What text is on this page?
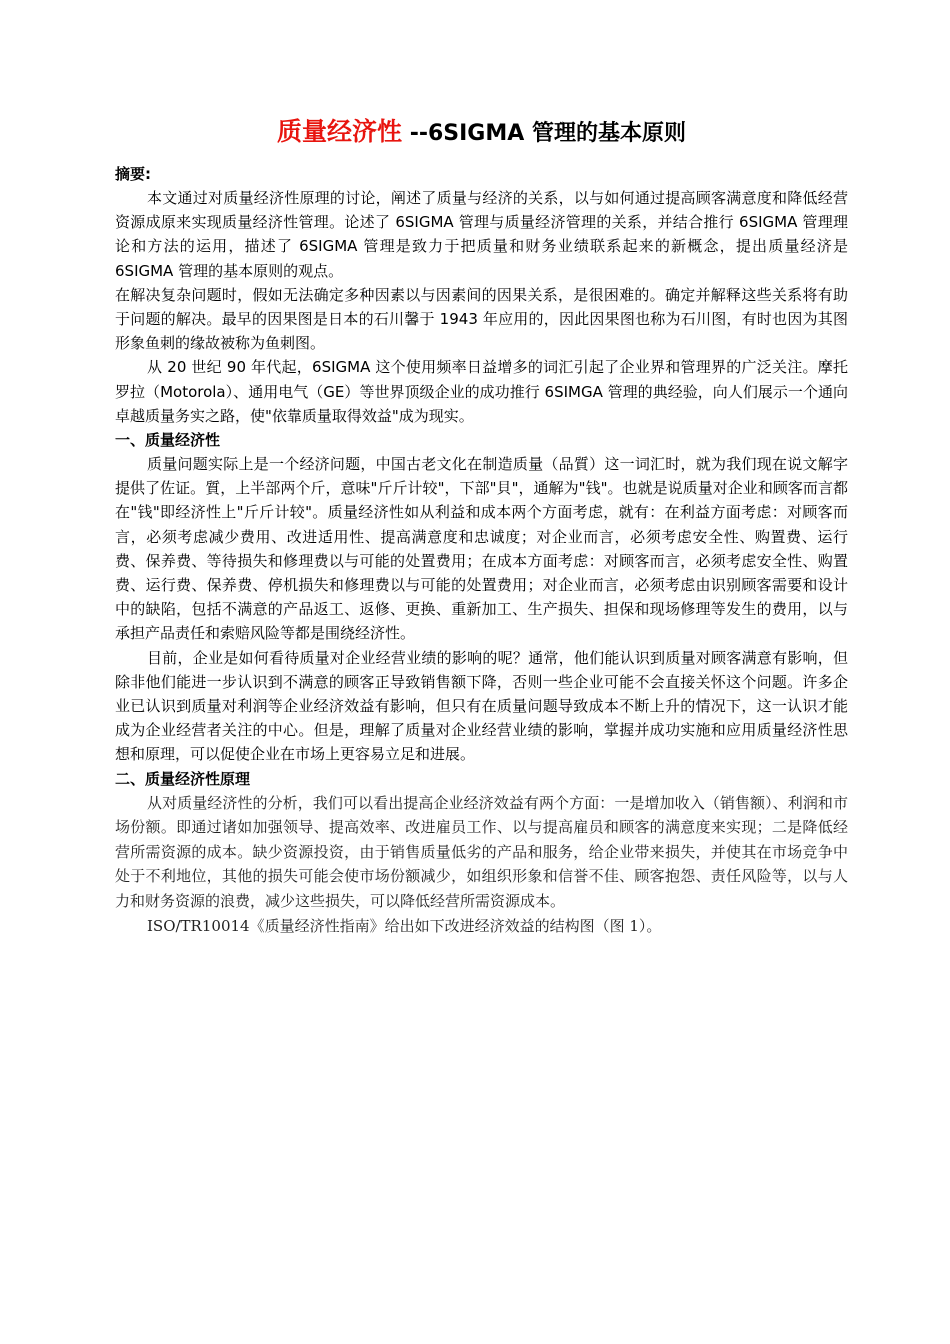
质量经济性 --6SIGMA 管理的基本原则
摘要:

本文通过对质量经济性原理的讨论，阐述了质量与经济的关系，以与如何通过提高顾客满意度和降低经营资源成原来实现质量经济性管理。论述了 6SIGMA 管理与质量经济管理的关系，并结合推行 6SIGMA 管理理论和方法的运用，描述了 6SIGMA 管理是致力于把质量和财务业绩联系起来的新概念，提出质量经济是 6SIGMA 管理的基本原则的观点。

在解决复杂问题时，假如无法确定多种因素以与因素间的因果关系，是很困难的。确定并解释这些关系将有助于问题的解决。最早的因果图是日本的石川馨于 1943 年应用的，因此因果图也称为石川图，有时也因为其图形象鱼刺的缘故被称为鱼刺图。

从 20 世纪 90 年代起，6SIGMA 这个使用频率日益增多的词汇引起了企业界和管理界的广泛关注。摩托罗拉（Motorola）、通用电气（GE）等世界顶级企业的成功推行 6SIMGA 管理的典经验，向人们展示一个通向卓越质量务实之路，使"依靠质量取得效益"成为现实。

一、质量经济性

质量问题实际上是一个经济问题，中国古老文化在制造质量（品質）这一词汇时，就为我们现在说文解字提供了佐证。質，上半部两个斤，意味"斤斤计较"，下部"貝"，通解为"钱"。也就是说质量对企业和顾客而言都在"钱"即经济性上"斤斤计较"。质量经济性如从利益和成本两个方面考虑，就有：在利益方面考虑：对顾客而言，必须考虑减少费用、改进适用性、提高满意度和忠诚度；对企业而言，必须考虑安全性、购置费、运行费、保养费、等待损失和修理费以与可能的处置费用；在成本方面考虑：对顾客而言，必须考虑安全性、购置费、运行费、保养费、停机损失和修理费以与可能的处置费用；对企业而言，必须考虑由识别顾客需要和设计中的缺陷，包括不满意的产品返工、返修、更换、重新加工、生产损失、担保和现场修理等发生的费用，以与承担产品责任和索赔风险等都是围绕经济性。

目前，企业是如何看待质量对企业经营业绩的影响的呢？通常，他们能认识到质量对顾客满意有影响，但除非他们能进一步认识到不满意的顾客正导致销售额下降，否则一些企业可能不会直接关怀这个问题。许多企业已认识到质量对利润等企业经济效益有影响，但只有在质量问题导致成本不断上升的情况下，这一认识才能成为企业经营者关注的中心。但是，理解了质量对企业经营业绩的影响，掌握并成功实施和应用质量经济性思想和原理，可以促使企业在市场上更容易立足和进展。

二、质量经济性原理

从对质量经济性的分析，我们可以看出提高企业经济效益有两个方面：一是增加收入（销售额）、利润和市场份额。即通过诸如加强领导、提高效率、改进雇员工作、以与提高雇员和顾客的满意度来实现；二是降低经营所需资源的成本。缺少资源投资，由于销售质量低劣的产品和服务，给企业带来损失，并使其在市场竞争中处于不利地位，其他的损失可能会使市场份额减少，如组织形象和信誉不佳、顾客抱怨、责任风险等，以与人力和财务资源的浪费，减少这些损失，可以降低经营所需资源成本。

ISO/TR10014《质量经济性指南》给出如下改进经济效益的结构图（图 1）。
